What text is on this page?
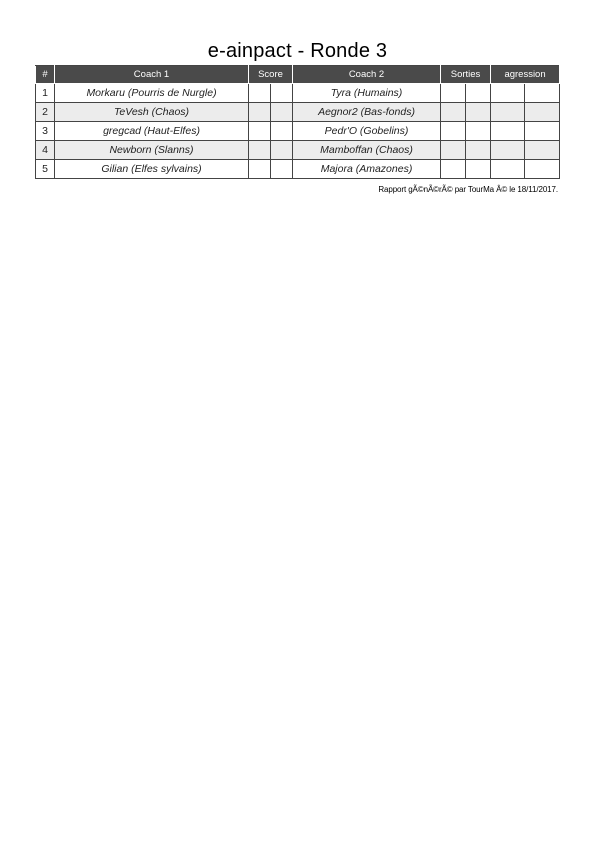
e-ainpact - Ronde 3
#	Coach 1	Score		Coach 2	Sorties		agression	
1	Morkaru (Pourris de Nurgle)			Tyra (Humains)				
2	TeVesh (Chaos)			Aegnor2 (Bas-fonds)				
3	gregcad (Haut-Elfes)			Pedr'O (Gobelins)				
4	Newborn (Slanns)			Mamboffan (Chaos)				
5	Gilian (Elfes sylvains)			Majora (Amazones)				
Rapport gÃ©nÃ©rÃ© par TourMa Â© le 18/11/2017.
